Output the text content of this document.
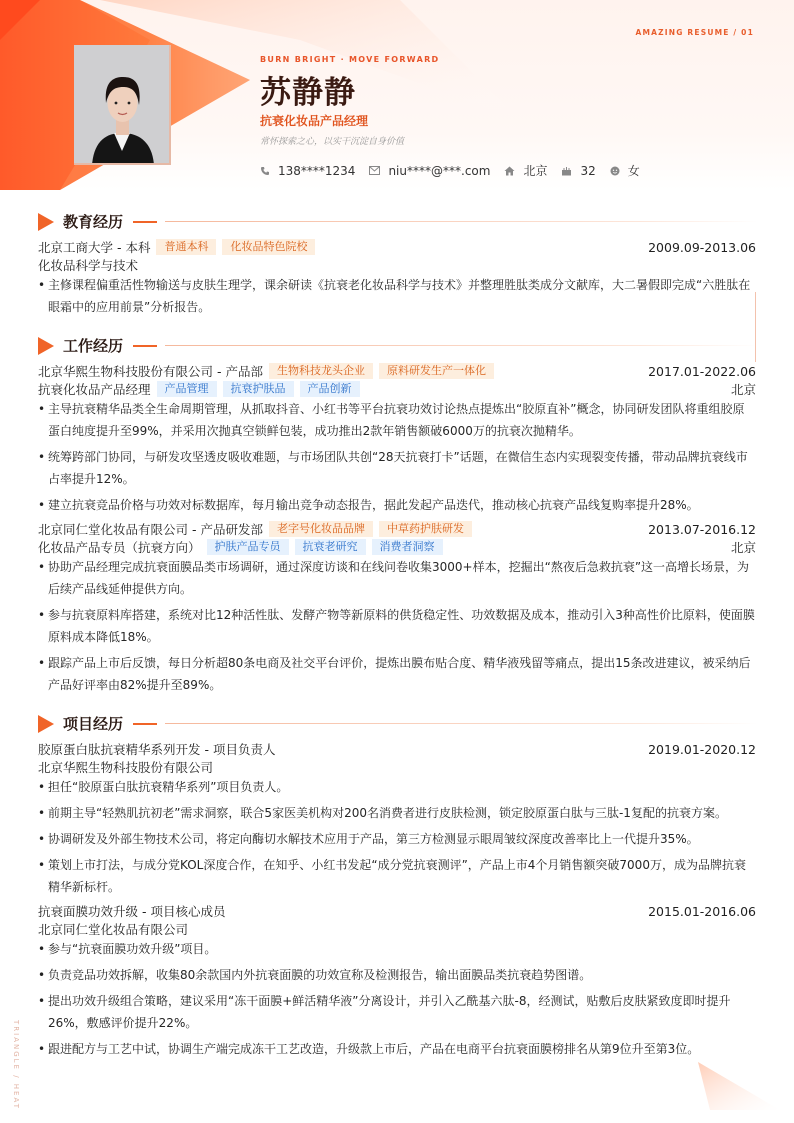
AMAZING RESUME / 01
BURN BRIGHT · MOVE FORWARD
苏静静
抗衰化妆品产品经理
常怀探索之心，以实干沉淀自身价值
138****1234	niu****@***.com	北京	32	女
教育经历
北京工商大学 - 本科	普通本科	化妆品特色院校	2009.09-2013.06
化妆品科学与技术
• 主修课程偏重活性物输送与皮肤生理学，课余研读《抗衰老化妆品科学与技术》并整理胜肽类成分文献库，大二暑假即完成“六胜肽在眼霜中的应用前景”分析报告。
工作经历
北京华熙生物科技股份有限公司 - 产品部	生物科技龙头企业	原料研发生产一体化	2017.01-2022.06
抗衰化妆品产品经理	产品管理	抗衰护肤品	产品创新	北京
• 主导抗衰精华品类全生命周期管理，从抓取抖音、小红书等平台抗衰功效讨论热点提炼出“胶原直补”概念，协同研发团队将重组胶原蛋白纯度提升至99%，并采用次抛真空锁鲜包装，成功推出2款年销售额破6000万的抗衰次抛精华。
• 统筹跨部门协同，与研发攻坚透皮吸收难题，与市场团队共创“28天抗衰打卡”话题，在微信生态内实现裂变传播，带动品牌抗衰线市占率提升12%。
• 建立抗衰竞品价格与功效对标数据库，每月输出竞争动态报告，据此发起产品迭代，推动核心抗衰产品线复购率提升28%。
北京同仁堂化妆品有限公司 - 产品研发部	老字号化妆品品牌	中草药护肤研发	2013.07-2016.12
化妆品产品专员（抗衰方向）	护肤产品专员	抗衰老研究	消费者洞察	北京
• 协助产品经理完成抗衰面膜品类市场调研，通过深度访谈和在线问卷收集3000+样本，挖掘出“熬夜后急救抗衰”这一高增长场景，为后续产品线延伸提供方向。
• 参与抗衰原料库搭建，系统对比12种活性肽、发酵产物等新原料的供货稳定性、功效数据及成本，推动引入3种高性价比原料，使面膜原料成本降低18%。
• 跟踪产品上市后反馈，每日分析超80条电商及社交平台评价，提炼出膜布贴合度、精华液残留等痛点，提出15条改进建议，被采纳后产品好评率由82%提升至89%。
项目经历
胶原蛋白肽抗衰精华系列开发 - 项目负责人	2019.01-2020.12
北京华熙生物科技股份有限公司
• 担任“胶原蛋白肽抗衰精华系列”项目负责人。
• 前期主导“轻熟肌抗初老”需求洞察，联合5家医美机构对200名消费者进行皮肤检测，锁定胶原蛋白肽与三肽-1复配的抗衰方案。
• 协调研发及外部生物技术公司，将定向酶切水解技术应用于产品，第三方检测显示眼周皱纹深度改善率比上一代提升35%。
• 策划上市打法，与成分党KOL深度合作，在知乎、小红书发起“成分党抗衰测评”，产品上市4个月销售额突破7000万，成为品牌抗衰精华新标杆。
抗衰面膜功效升级 - 项目核心成员	2015.01-2016.06
北京同仁堂化妆品有限公司
• 参与“抗衰面膜功效升级”项目。
• 负责竞品功效拆解，收集80余款国内外抗衰面膜的功效宣称及检测报告，输出面膜品类抗衰趋势图谱。
• 提出功效升级组合策略，建议采用“冻干面膜+鲜活精华液”分离设计，并引入乙酰基六肽-8，经测试，贴敷后皮肤紧致度即时提升26%，敷感评价提升22%。
• 跟进配方与工艺中试，协调生产端完成冻干工艺改造，升级款上市后，产品在电商平台抗衰面膜榜排名从第9位升至第3位。
TRIANGLE / HEAT
